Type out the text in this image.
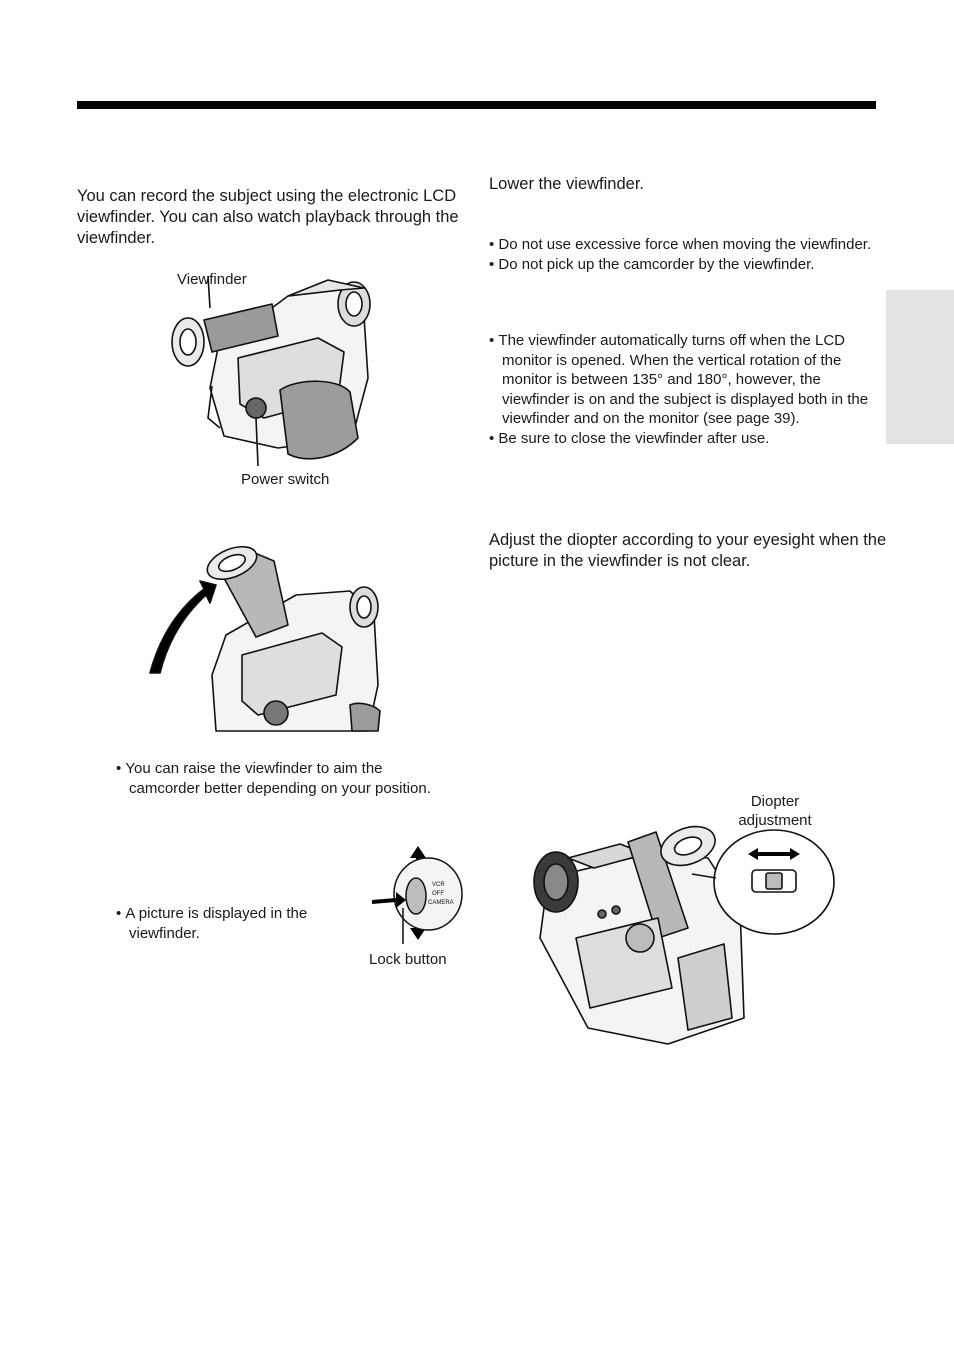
You can record the subject using the electronic LCD viewfinder. You can also watch playback through the viewfinder.

Viewfinder
Power switch
• You can raise the viewfinder to aim the camcorder better depending on your position.
• A picture is displayed in the viewfinder.
VCR
OFF
CAMERA
Lock button

Lower the viewfinder.

• Do not use excessive force when moving the viewfinder.
• Do not pick up the camcorder by the viewfinder.
• The viewfinder automatically turns off when the LCD monitor is opened. When the vertical rotation of the monitor is between 135° and 180°, however, the viewfinder is on and the subject is displayed both in the viewfinder and on the monitor (see page 39).
• Be sure to close the viewfinder after use.

Adjust the diopter according to your eyesight when the picture in the viewfinder is not clear.

Diopter adjustment
